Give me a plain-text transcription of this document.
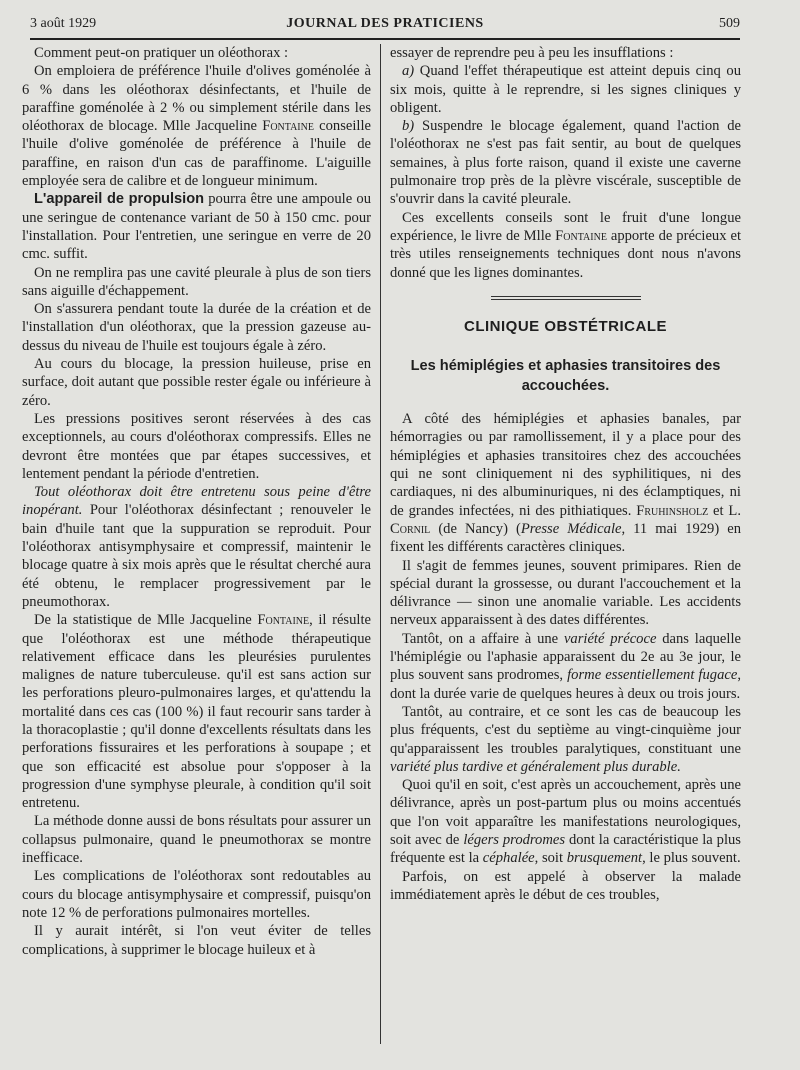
3 août 1929	JOURNAL DES PRATICIENS	509

Comment peut-on pratiquer un oléothorax :

On emploiera de préférence l'huile d'olives goménolée à 6 % dans les oléothorax désinfectants, et l'huile de paraffine goménolée à 2 % ou simplement stérile dans les oléothorax de blocage. Mlle Jacqueline Fontaine conseille l'huile d'olive goménolée de préférence à l'huile de paraffine, en raison d'un cas de paraffinome. L'aiguille employée sera de calibre et de longueur minimum.

L'appareil de propulsion pourra être une ampoule ou une seringue de contenance variant de 50 à 150 cmc. pour l'installation. Pour l'entretien, une seringue en verre de 20 cmc. suffit.

On ne remplira pas une cavité pleurale à plus de son tiers sans aiguille d'échappement.

On s'assurera pendant toute la durée de la création et de l'installation d'un oléothorax, que la pression gazeuse au-dessus du niveau de l'huile est toujours égale à zéro.

Au cours du blocage, la pression huileuse, prise en surface, doit autant que possible rester égale ou inférieure à zéro.

Les pressions positives seront réservées à des cas exceptionnels, au cours d'oléothorax compressifs. Elles ne devront être montées que par étapes successives, et lentement pendant la période d'entretien.

Tout oléothorax doit être entretenu sous peine d'être inopérant. Pour l'oléothorax désinfectant ; renouveler le bain d'huile tant que la suppuration se reproduit. Pour l'oléothorax antisymphysaire et compressif, maintenir le blocage quatre à six mois après que le résultat cherché aura été obtenu, le remplacer progressivement par le pneumothorax.

De la statistique de Mlle Jacqueline Fontaine, il résulte que l'oléothorax est une méthode thérapeutique relativement efficace dans les pleurésies purulentes malignes de nature tuberculeuse. qu'il est sans action sur les perforations pleuro-pulmonaires larges, et qu'attendu la mortalité dans ces cas (100 %) il faut recourir sans tarder à la thoracoplastie ; qu'il donne d'excellents résultats dans les perforations fissuraires et les perforations à soupape ; et que son efficacité est absolue pour s'opposer à la progression d'une symphyse pleurale, à condition qu'il soit entretenu.

La méthode donne aussi de bons résultats pour assurer un collapsus pulmonaire, quand le pneumothorax se montre inefficace.

Les complications de l'oléothorax sont redoutables au cours du blocage antisymphysaire et compressif, puisqu'on note 12 % de perforations pulmonaires mortelles.

Il y aurait intérêt, si l'on veut éviter de telles complications, à supprimer le blocage huileux et à

essayer de reprendre peu à peu les insufflations :

a) Quand l'effet thérapeutique est atteint depuis cinq ou six mois, quitte à le reprendre, si les signes cliniques y obligent.

b) Suspendre le blocage également, quand l'action de l'oléothorax ne s'est pas fait sentir, au bout de quelques semaines, à plus forte raison, quand il existe une caverne pulmonaire trop près de la plèvre viscérale, susceptible de s'ouvrir dans la cavité pleurale.

Ces excellents conseils sont le fruit d'une longue expérience, le livre de Mlle Fontaine apporte de précieux et très utiles renseignements techniques dont nous n'avons donné que les lignes dominantes.

CLINIQUE OBSTÉTRICALE
Les hémiplégies et aphasies transitoires des accouchées.

A côté des hémiplégies et aphasies banales, par hémorragies ou par ramollissement, il y a place pour des hémiplégies et aphasies transitoires chez des accouchées qui ne sont cliniquement ni des syphilitiques, ni des cardiaques, ni des albuminuriques, ni des éclamptiques, ni de grandes infectées, ni des pithiatiques. Fruhinsholz et L. Cornil (de Nancy) (Presse Médicale, 11 mai 1929) en fixent les différents caractères cliniques.

Il s'agit de femmes jeunes, souvent primipares. Rien de spécial durant la grossesse, ou durant l'accouchement et la délivrance — sinon une anomalie variable. Les accidents nerveux apparaissent à des dates différentes.

Tantôt, on a affaire à une variété précoce dans laquelle l'hémiplégie ou l'aphasie apparaissent du 2e au 3e jour, le plus souvent sans prodromes, forme essentiellement fugace, dont la durée varie de quelques heures à deux ou trois jours.

Tantôt, au contraire, et ce sont les cas de beaucoup les plus fréquents, c'est du septième au vingt-cinquième jour qu'apparaissent les troubles paralytiques, constituant une variété plus tardive et généralement plus durable.

Quoi qu'il en soit, c'est après un accouchement, après une délivrance, après un post-partum plus ou moins accentués que l'on voit apparaître les manifestations neurologiques, soit avec de légers prodromes dont la caractéristique la plus fréquente est la céphalée, soit brusquement, le plus souvent.

Parfois, on est appelé à observer la malade immédiatement après le début de ces troubles,
